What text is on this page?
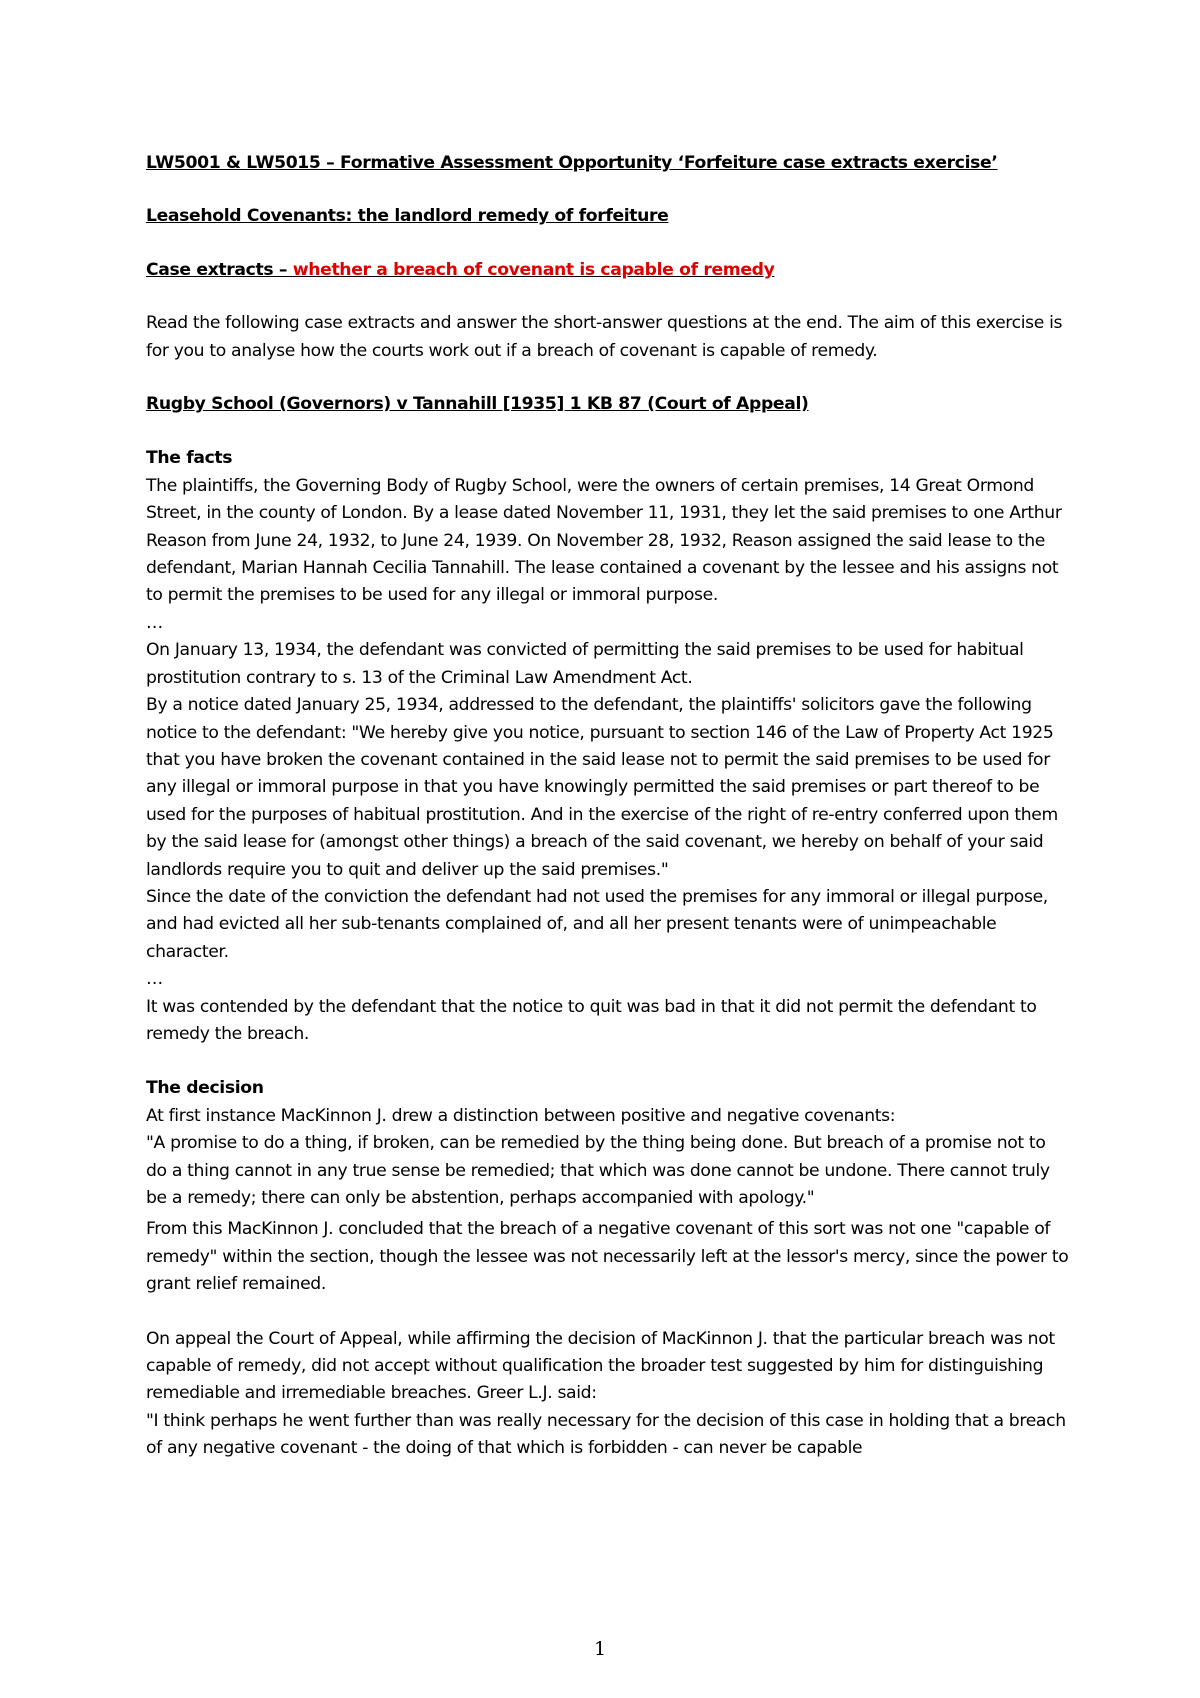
LW5001 & LW5015 – Formative Assessment Opportunity ‘Forfeiture case extracts exercise’

Leasehold Covenants: the landlord remedy of forfeiture

Case extracts – whether a breach of covenant is capable of remedy

Read the following case extracts and answer the short-answer questions at the end. The aim of this exercise is for you to analyse how the courts work out if a breach of covenant is capable of remedy.

Rugby School (Governors) v Tannahill [1935] 1 KB 87 (Court of Appeal)

The facts

The plaintiffs, the Governing Body of Rugby School, were the owners of certain premises, 14 Great Ormond Street, in the county of London. By a lease dated November 11, 1931, they let the said premises to one Arthur Reason from June 24, 1932, to June 24, 1939. On November 28, 1932, Reason assigned the said lease to the defendant, Marian Hannah Cecilia Tannahill. The lease contained a covenant by the lessee and his assigns not to permit the premises to be used for any illegal or immoral purpose.

…

On January 13, 1934, the defendant was convicted of permitting the said premises to be used for habitual prostitution contrary to s. 13 of the Criminal Law Amendment Act.

By a notice dated January 25, 1934, addressed to the defendant, the plaintiffs' solicitors gave the following notice to the defendant: "We hereby give you notice, pursuant to section 146 of the Law of Property Act 1925 that you have broken the covenant contained in the said lease not to permit the said premises to be used for any illegal or immoral purpose in that you have knowingly permitted the said premises or part thereof to be used for the purposes of habitual prostitution. And in the exercise of the right of re-entry conferred upon them by the said lease for (amongst other things) a breach of the said covenant, we hereby on behalf of your said landlords require you to quit and deliver up the said premises."

Since the date of the conviction the defendant had not used the premises for any immoral or illegal purpose, and had evicted all her sub-tenants complained of, and all her present tenants were of unimpeachable character.

…

It was contended by the defendant that the notice to quit was bad in that it did not permit the defendant to remedy the breach.

The decision

At first instance MacKinnon J. drew a distinction between positive and negative covenants:

"A promise to do a thing, if broken, can be remedied by the thing being done. But breach of a promise not to do a thing cannot in any true sense be remedied; that which was done cannot be undone. There cannot truly be a remedy; there can only be abstention, perhaps accompanied with apology."

From this MacKinnon J. concluded that the breach of a negative covenant of this sort was not one "capable of remedy" within the section, though the lessee was not necessarily left at the lessor's mercy, since the power to grant relief remained.

On appeal the Court of Appeal, while affirming the decision of MacKinnon J. that the particular breach was not capable of remedy, did not accept without qualification the broader test suggested by him for distinguishing remediable and irremediable breaches. Greer L.J. said:

"I think perhaps he went further than was really necessary for the decision of this case in holding that a breach of any negative covenant - the doing of that which is forbidden - can never be capable

1
